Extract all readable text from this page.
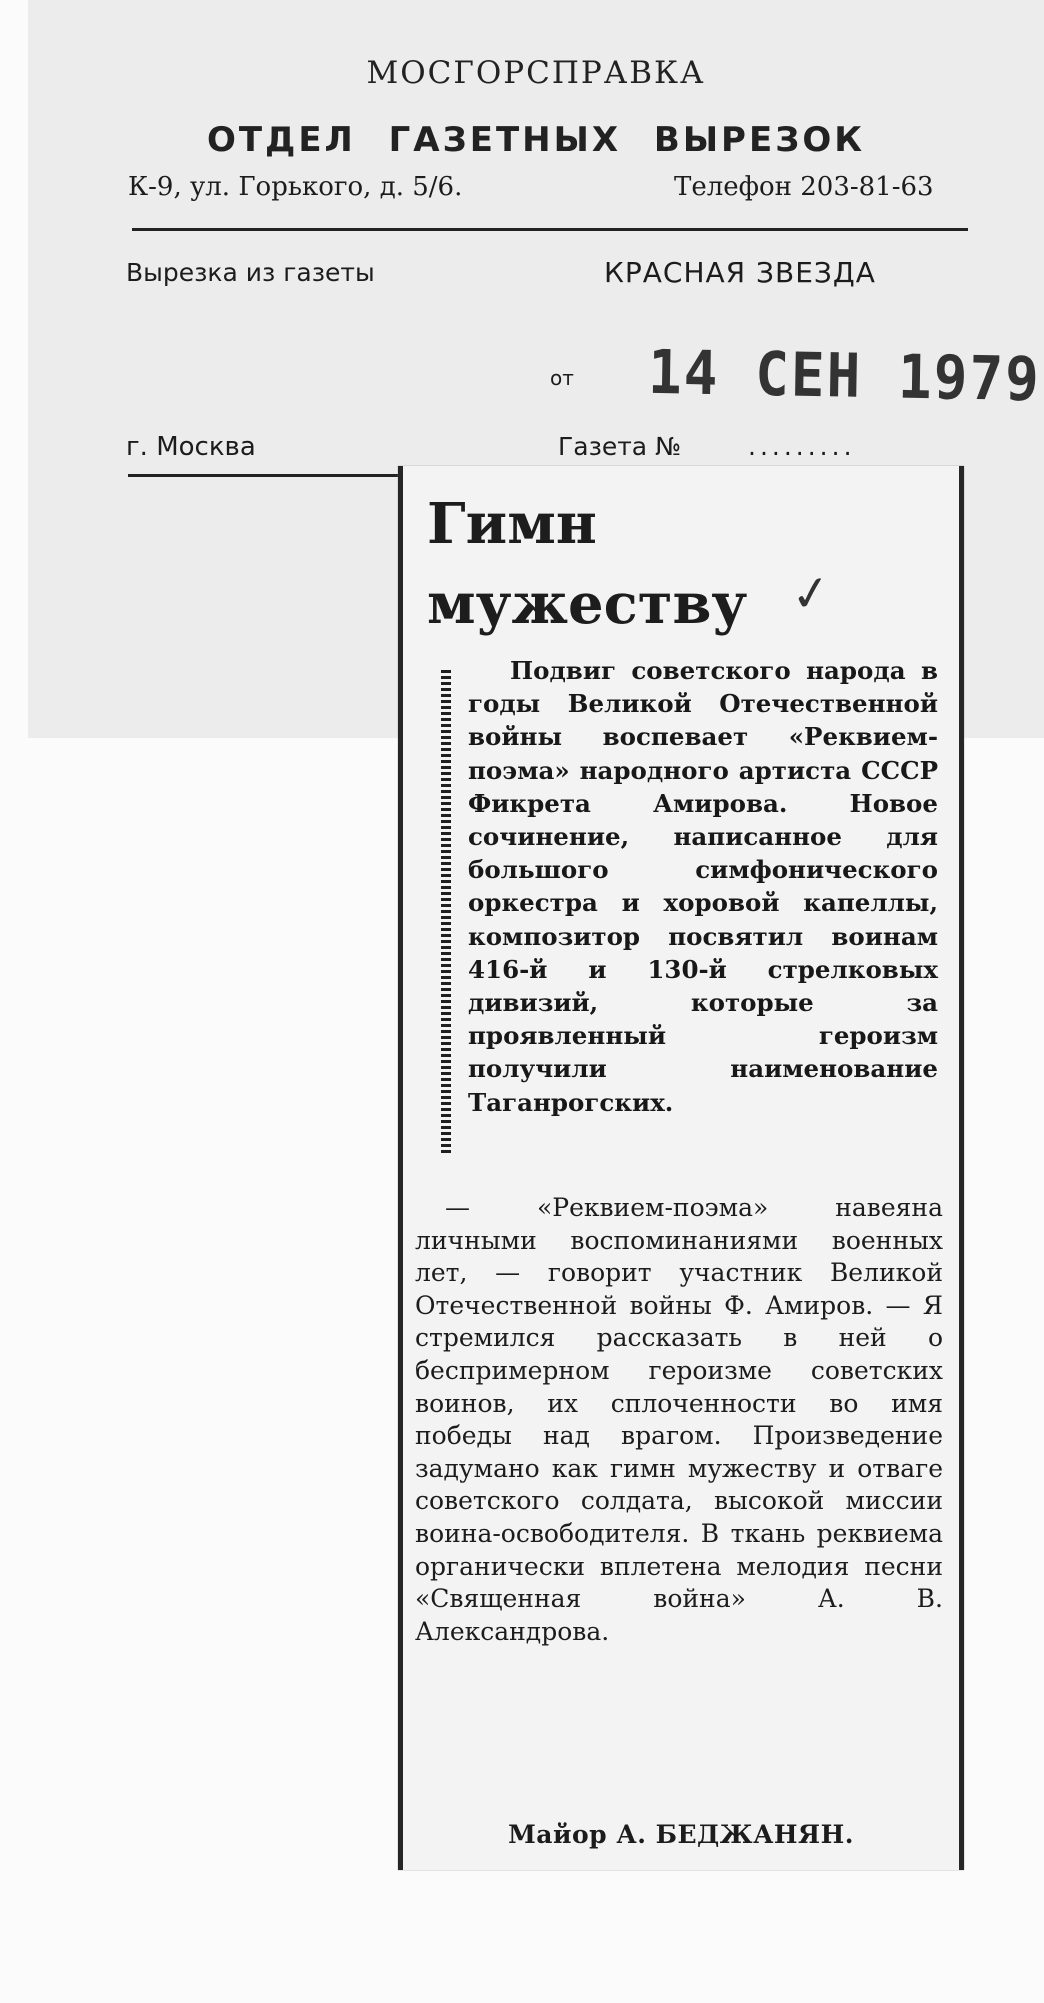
МОСГОРСПРАВКА
ОТДЕЛ ГАЗЕТНЫХ ВЫРЕЗОК
К-9, ул. Горького, д. 5/6.	Телефон 203-81-63
Вырезка из газеты	КРАСНАЯ ЗВЕЗДА
от 14 СЕН 1979
г. Москва	Газета №	.........
Гимн мужеству ✓
Подвиг советского народа в годы Великой Отечественной войны воспевает «Реквием-поэма» народного артиста СССР Фикрета Амирова. Новое сочинение, написанное для большого симфонического оркестра и хоровой капеллы, композитор посвятил воинам 416-й и 130-й стрелковых дивизий, которые за проявленный героизм получили наименование Таганрогских.
— «Реквием-поэма» навеяна личными воспоминаниями военных лет, — говорит участник Великой Отечественной войны Ф. Амиров. — Я стремился рассказать в ней о беспримерном героизме советских воинов, их сплоченности во имя победы над врагом. Произведение задумано как гимн мужеству и отваге советского солдата, высокой миссии воина-освободителя. В ткань реквиема органически вплетена мелодия песни «Священная война» А. В. Александрова.
Майор А. БЕДЖАНЯН.
